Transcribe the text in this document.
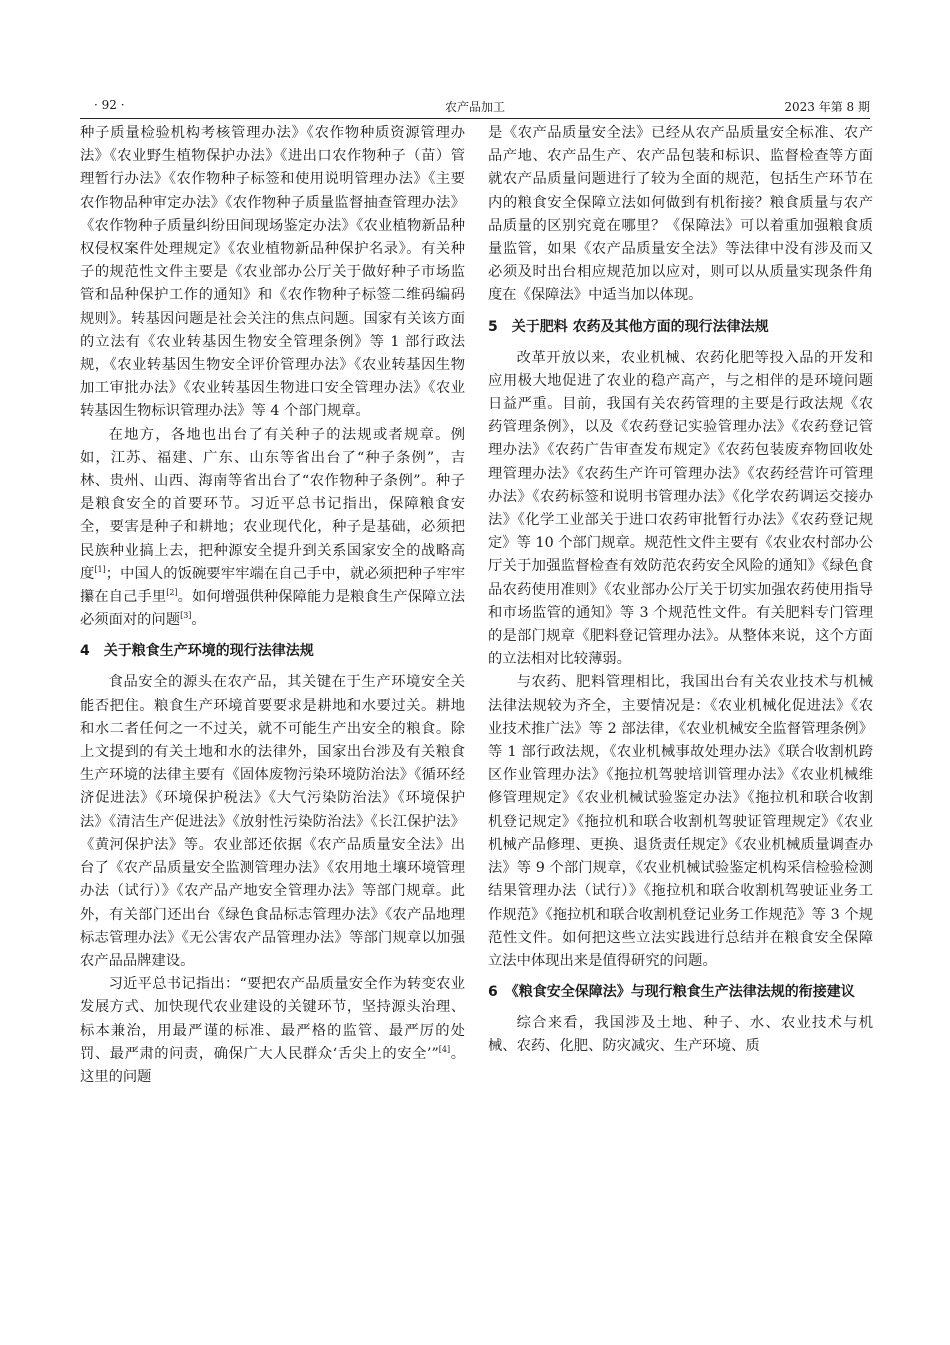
· 92 ·	农产品加工	2023 年第 8 期

种子质量检验机构考核管理办法》《农作物种质资源管理办法》《农业野生植物保护办法》《进出口农作物种子（苗）管理暂行办法》《农作物种子标签和使用说明管理办法》《主要农作物品种审定办法》《农作物种子质量监督抽查管理办法》《农作物种子质量纠纷田间现场鉴定办法》《农业植物新品种权侵权案件处理规定》《农业植物新品种保护名录》。有关种子的规范性文件主要是《农业部办公厅关于做好种子市场监管和品种保护工作的通知》和《农作物种子标签二维码编码规则》。转基因问题是社会关注的焦点问题。国家有关该方面的立法有《农业转基因生物安全管理条例》等 1 部行政法规，《农业转基因生物安全评价管理办法》《农业转基因生物加工审批办法》《农业转基因生物进口安全管理办法》《农业转基因生物标识管理办法》等 4 个部门规章。

在地方，各地也出台了有关种子的法规或者规章。例如，江苏、福建、广东、山东等省出台了“种子条例”，吉林、贵州、山西、海南等省出台了“农作物种子条例”。种子是粮食安全的首要环节。习近平总书记指出，保障粮食安全，要害是种子和耕地；农业现代化，种子是基础，必须把民族种业搞上去，把种源安全提升到关系国家安全的战略高度[1]；中国人的饭碗要牢牢端在自己手中，就必须把种子牢牢攥在自己手里[2]。如何增强供种保障能力是粮食生产保障立法必须面对的问题[3]。

4　关于粮食生产环境的现行法律法规

食品安全的源头在农产品，其关键在于生产环境安全关能否把住。粮食生产环境首要要求是耕地和水要过关。耕地和水二者任何之一不过关，就不可能生产出安全的粮食。除上文提到的有关土地和水的法律外，国家出台涉及有关粮食生产环境的法律主要有《固体废物污染环境防治法》《循环经济促进法》《环境保护税法》《大气污染防治法》《环境保护法》《清洁生产促进法》《放射性污染防治法》《长江保护法》《黄河保护法》等。农业部还依据《农产品质量安全法》出台了《农产品质量安全监测管理办法》《农用地土壤环境管理办法（试行）》《农产品产地安全管理办法》等部门规章。此外，有关部门还出台《绿色食品标志管理办法》《农产品地理标志管理办法》《无公害农产品管理办法》等部门规章以加强农产品品牌建设。

习近平总书记指出：“要把农产品质量安全作为转变农业发展方式、加快现代农业建设的关键环节，坚持源头治理、标本兼治，用最严谨的标准、最严格的监管、最严厉的处罚、最严肃的问责，确保广大人民群众‘舌尖上的安全’”[4]。这里的问题

是《农产品质量安全法》已经从农产品质量安全标准、农产品产地、农产品生产、农产品包装和标识、监督检查等方面就农产品质量问题进行了较为全面的规范，包括生产环节在内的粮食安全保障立法如何做到有机衔接？粮食质量与农产品质量的区别究竟在哪里？《保障法》可以着重加强粮食质量监管，如果《农产品质量安全法》等法律中没有涉及而又必须及时出台相应规范加以应对，则可以从质量实现条件角度在《保障法》中适当加以体现。

5　关于肥料 农药及其他方面的现行法律法规

改革开放以来，农业机械、农药化肥等投入品的开发和应用极大地促进了农业的稳产高产，与之相伴的是环境问题日益严重。目前，我国有关农药管理的主要是行政法规《农药管理条例》，以及《农药登记实验管理办法》《农药登记管理办法》《农药广告审查发布规定》《农药包装废弃物回收处理管理办法》《农药生产许可管理办法》《农药经营许可管理办法》《农药标签和说明书管理办法》《化学农药调运交接办法》《化学工业部关于进口农药审批暂行办法》《农药登记规定》等 10 个部门规章。规范性文件主要有《农业农村部办公厅关于加强监督检查有效防范农药安全风险的通知》《绿色食品农药使用准则》《农业部办公厅关于切实加强农药使用指导和市场监管的通知》等 3 个规范性文件。有关肥料专门管理的是部门规章《肥料登记管理办法》。从整体来说，这个方面的立法相对比较薄弱。

与农药、肥料管理相比，我国出台有关农业技术与机械法律法规较为齐全，主要情况是：《农业机械化促进法》《农业技术推广法》等 2 部法律，《农业机械安全监督管理条例》等 1 部行政法规，《农业机械事故处理办法》《联合收割机跨区作业管理办法》《拖拉机驾驶培训管理办法》《农业机械维修管理规定》《农业机械试验鉴定办法》《拖拉机和联合收割机登记规定》《拖拉机和联合收割机驾驶证管理规定》《农业机械产品修理、更换、退货责任规定》《农业机械质量调查办法》等 9 个部门规章，《农业机械试验鉴定机构采信检验检测结果管理办法（试行）》《拖拉机和联合收割机驾驶证业务工作规范》《拖拉机和联合收割机登记业务工作规范》等 3 个规范性文件。如何把这些立法实践进行总结并在粮食安全保障立法中体现出来是值得研究的问题。

6　《粮食安全保障法》与现行粮食生产法律法规的衔接建议

综合来看，我国涉及土地、种子、水、农业技术与机械、农药、化肥、防灾减灾、生产环境、质
